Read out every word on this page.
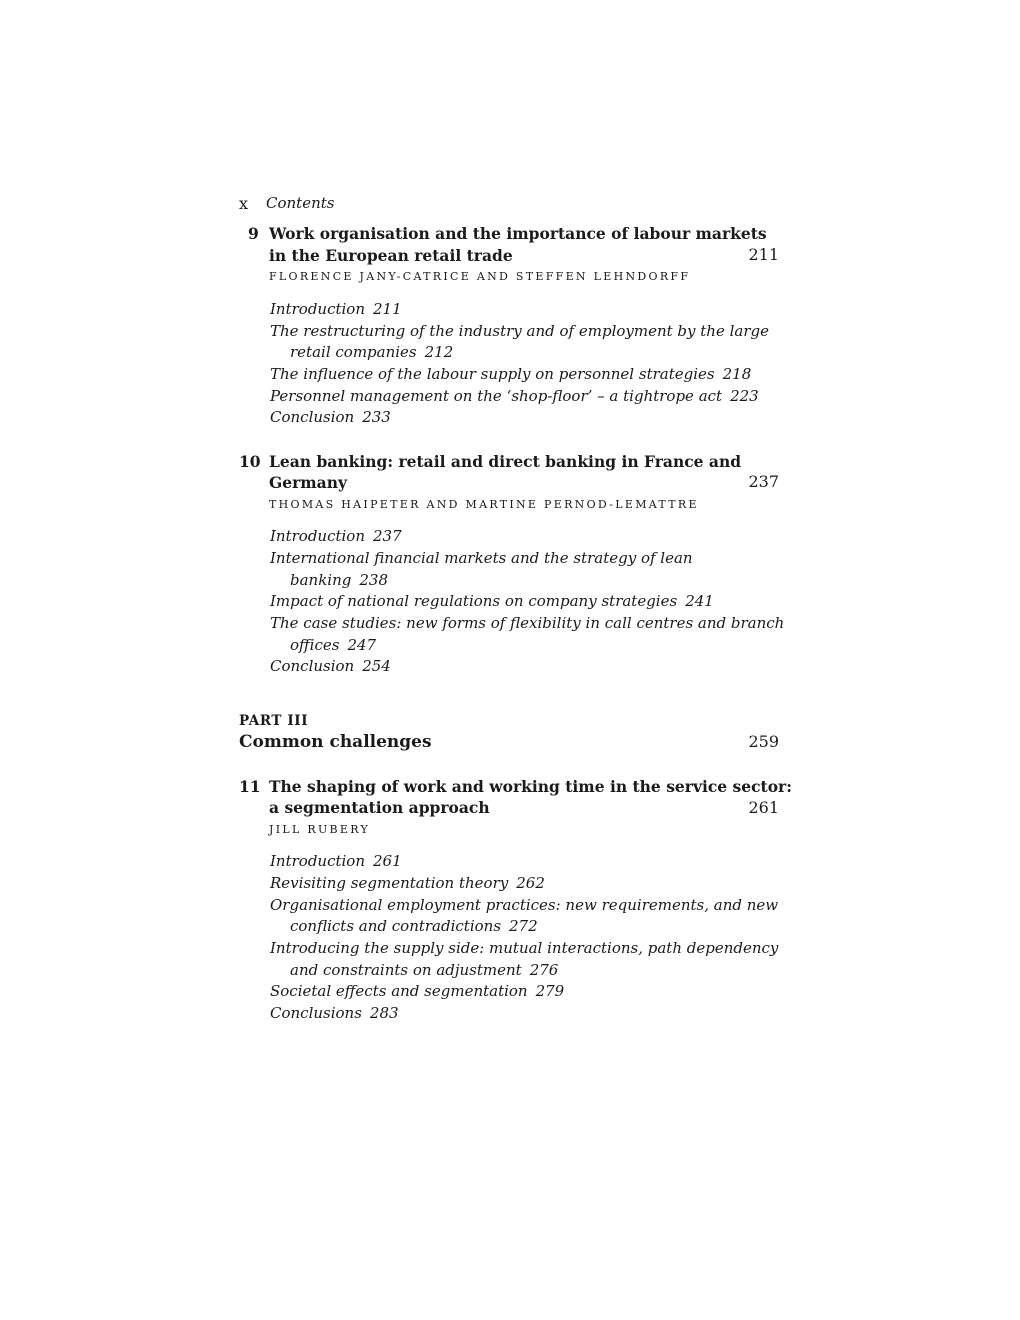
x Contents
9 Work organisation and the importance of labour markets
in the European retail trade	211
FLORENCE JANY-CATRICE AND STEFFEN LEHNDORFF
Introduction 211
The restructuring of the industry and of employment by the large
retail companies 212
The influence of the labour supply on personnel strategies 218
Personnel management on the ‘shop-floor’ – a tightrope act 223
Conclusion 233
10 Lean banking: retail and direct banking in France and
Germany	237
THOMAS HAIPETER AND MARTINE PERNOD-LEMATTRE
Introduction 237
International financial markets and the strategy of lean
banking 238
Impact of national regulations on company strategies 241
The case studies: new forms of flexibility in call centres and branch
offices 247
Conclusion 254
PART III
Common challenges	259
11 The shaping of work and working time in the service sector:
a segmentation approach	261
JILL RUBERY
Introduction 261
Revisiting segmentation theory 262
Organisational employment practices: new requirements, and new
conflicts and contradictions 272
Introducing the supply side: mutual interactions, path dependency
and constraints on adjustment 276
Societal effects and segmentation 279
Conclusions 283
